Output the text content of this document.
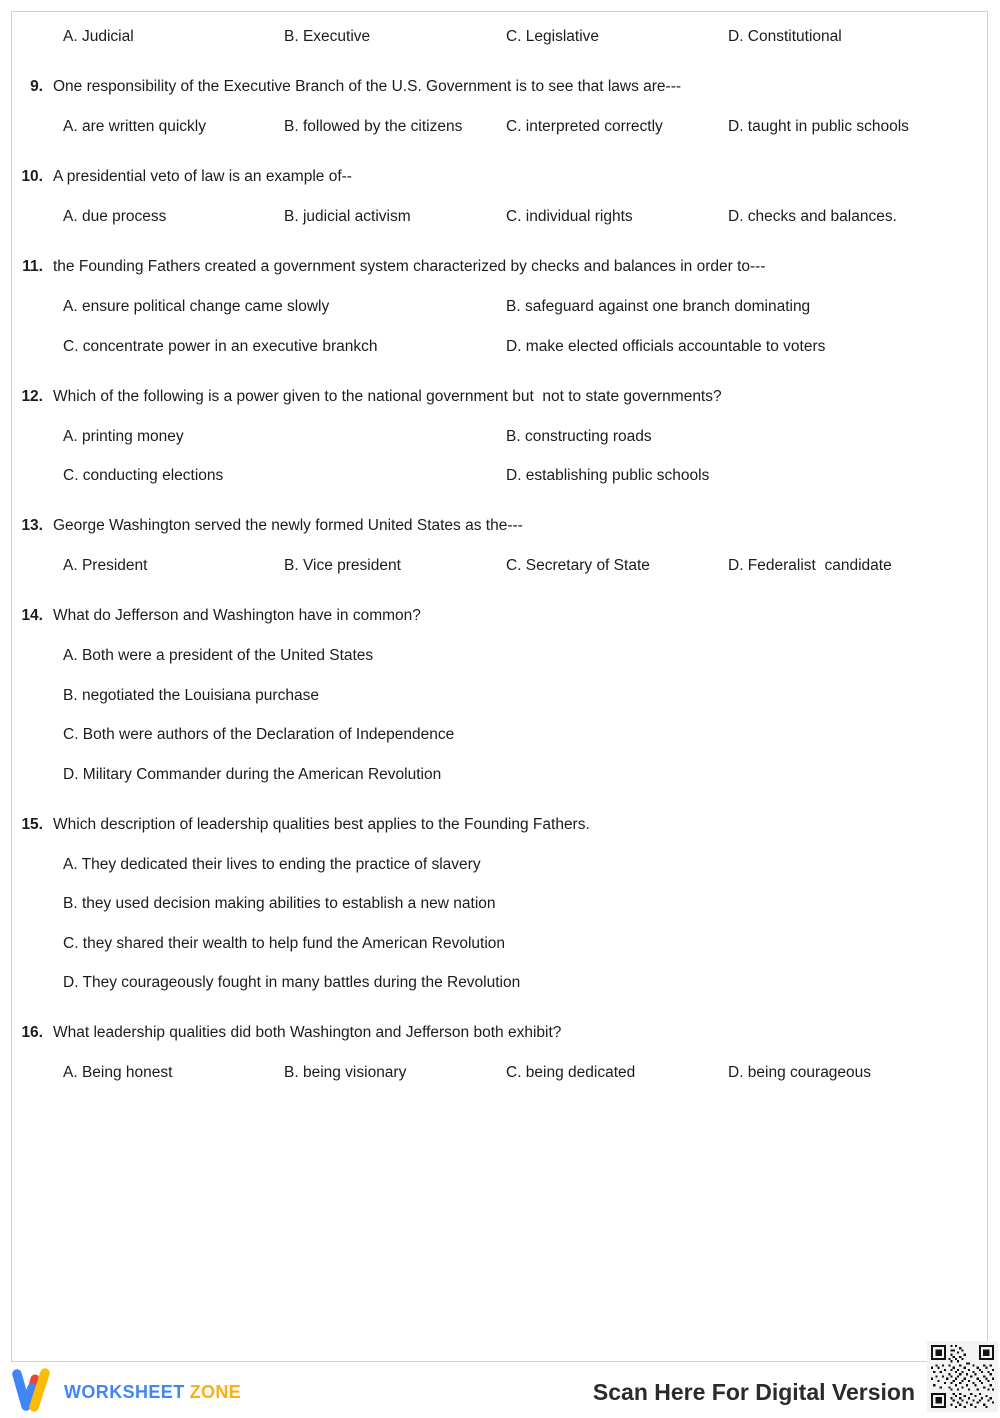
A. Judicial	B. Executive	C. Legislative	D. Constitutional
9. One responsibility of the Executive Branch of the U.S. Government is to see that laws are---
A. are written quickly	B. followed by the citizens	C. interpreted correctly	D. taught in public schools
10. A presidential veto of law is an example of--
A. due process	B. judicial activism	C. individual rights	D. checks and balances.
11. the Founding Fathers created a government system characterized by checks and balances in order to---
A. ensure political change came slowly	B. safeguard against one branch dominating
C. concentrate power in an executive brankch	D. make elected officials accountable to voters
12. Which of the following is a power given to the national government but  not to state governments?
A. printing money	B. constructing roads
C. conducting elections	D. establishing public schools
13. George Washington served the newly formed United States as the---
A. President	B. Vice president	C. Secretary of State	D. Federalist  candidate
14. What do Jefferson and Washington have in common?
A. Both were a president of the United States
B. negotiated the Louisiana purchase
C. Both were authors of the Declaration of Independence
D. Military Commander during the American Revolution
15. Which description of leadership qualities best applies to the Founding Fathers.
A. They dedicated their lives to ending the practice of slavery
B. they used decision making abilities to establish a new nation
C. they shared their wealth to help fund the American Revolution
D. They courageously fought in many battles during the Revolution
16. What leadership qualities did both Washington and Jefferson both exhibit?
A. Being honest	B. being visionary	C. being dedicated	D. being courageous
WORKSHEET ZONE	Scan Here For Digital Version
